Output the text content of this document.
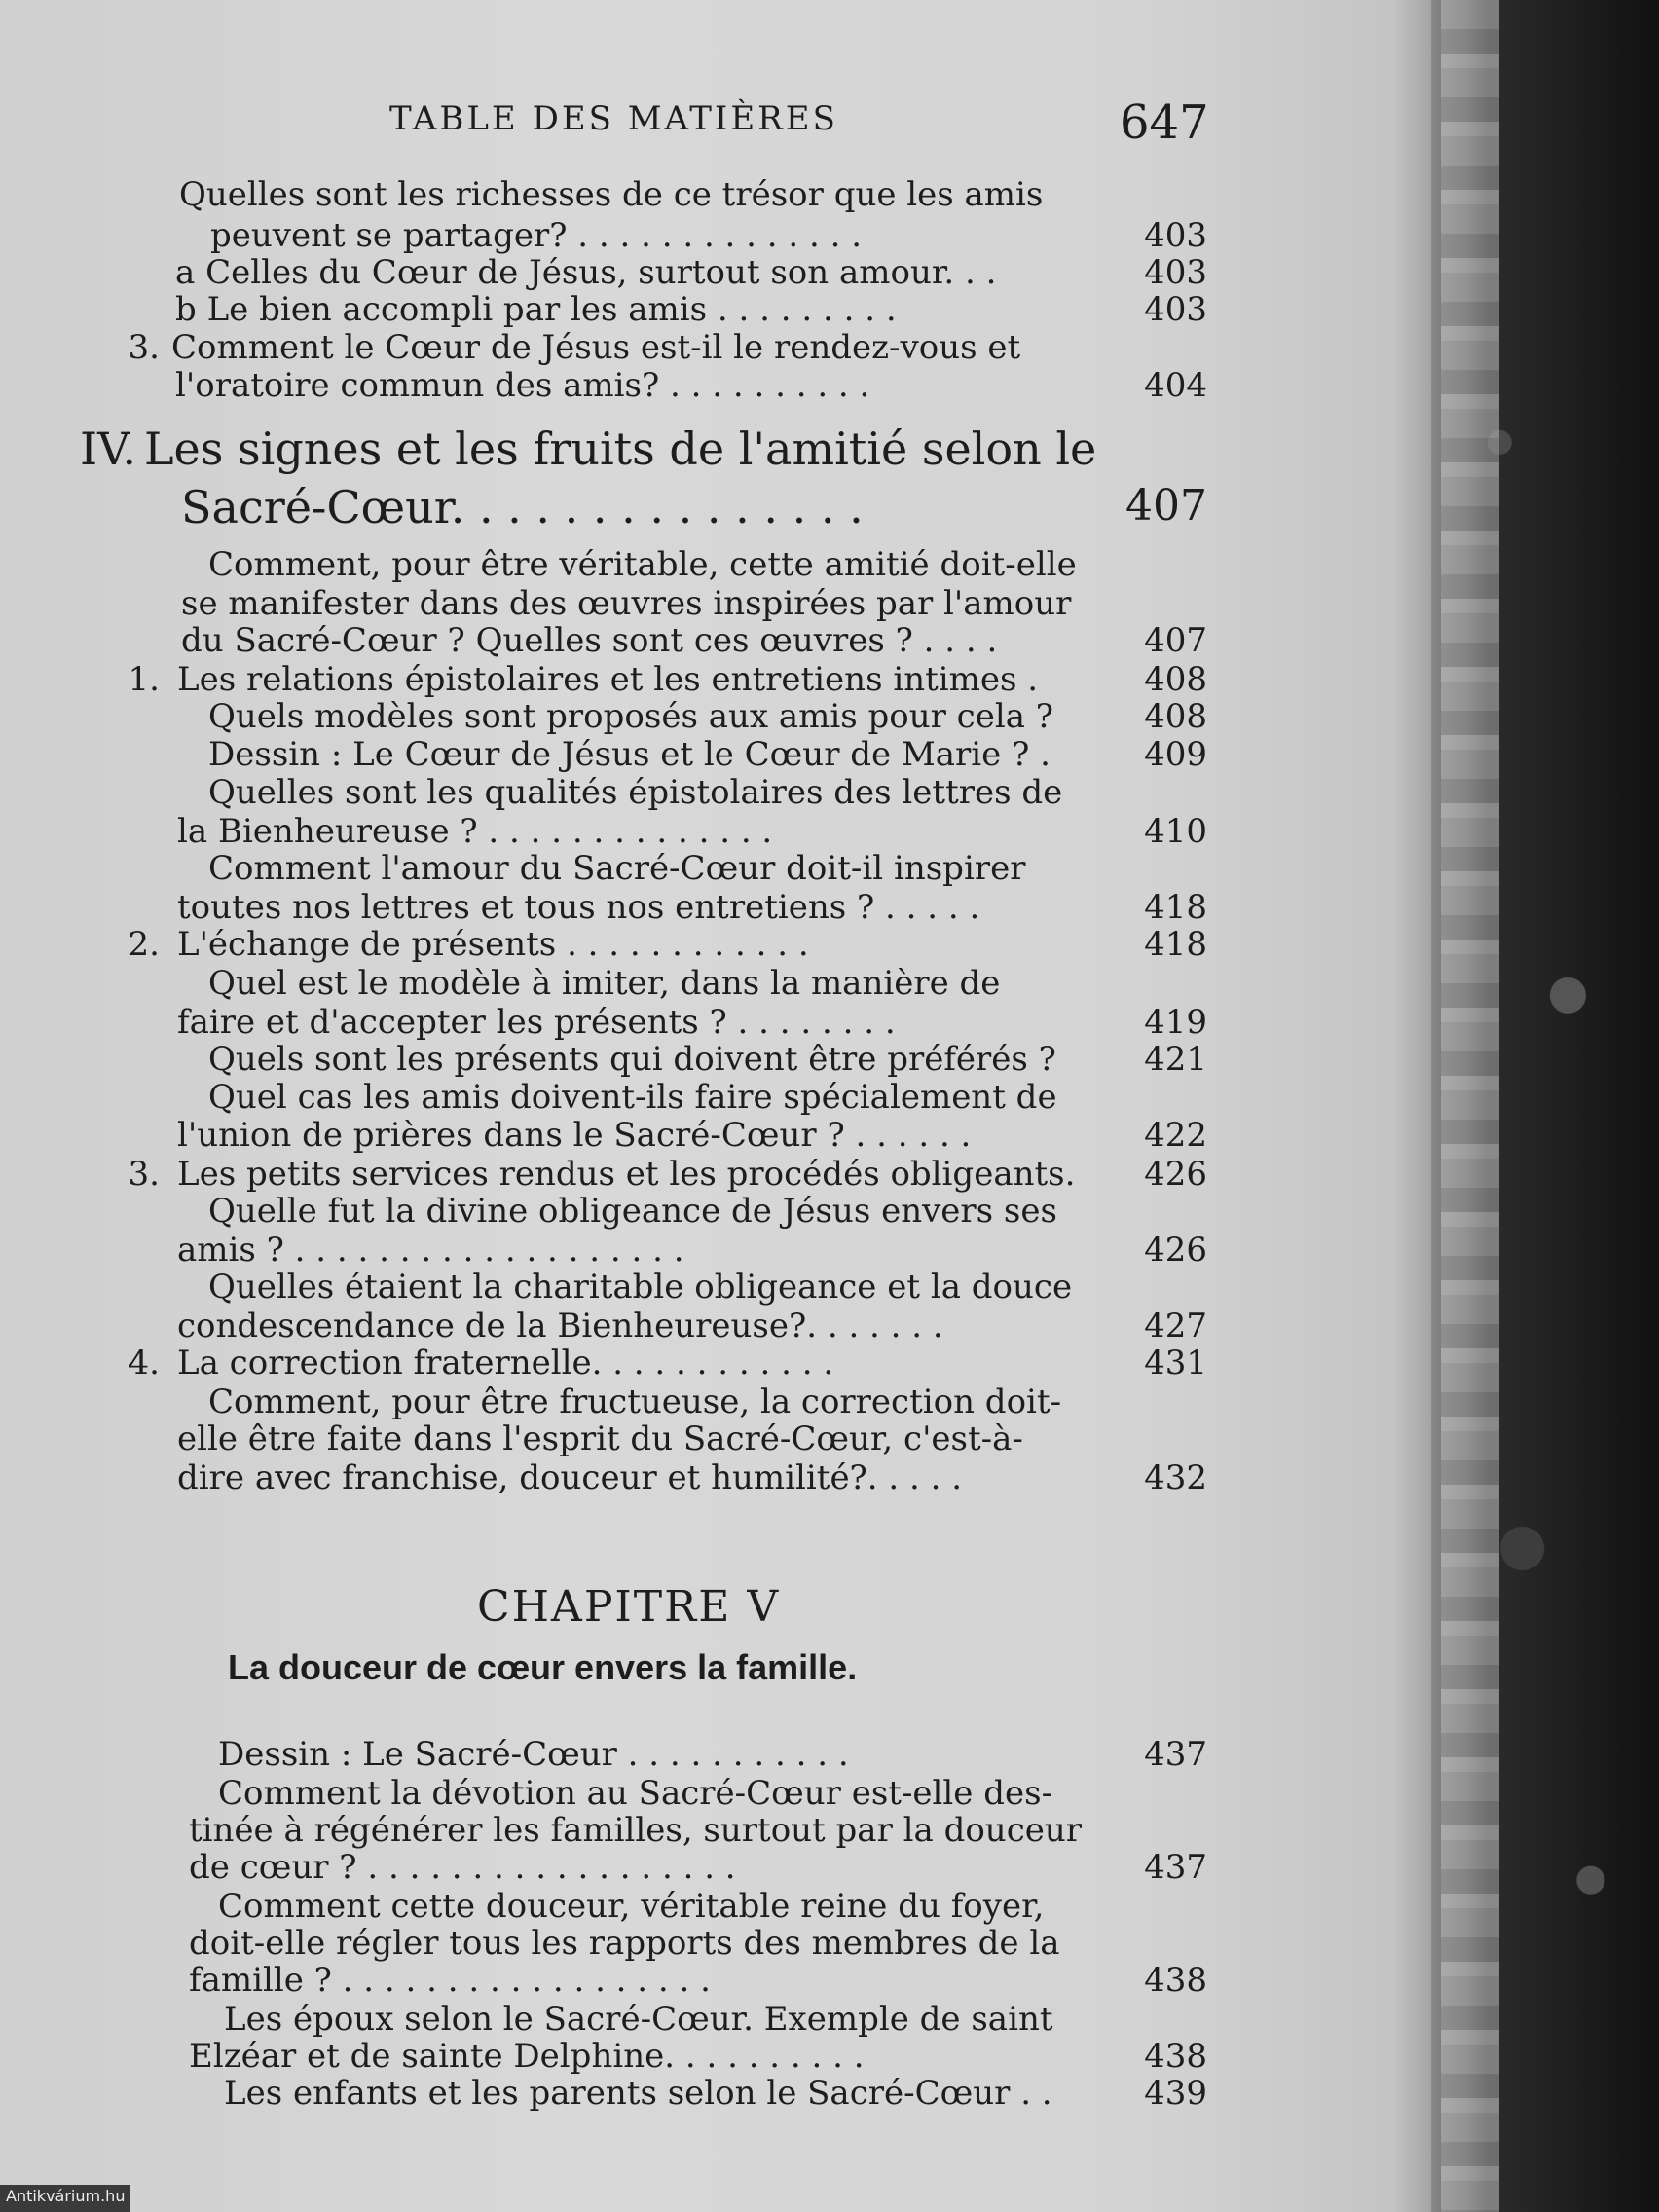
TABLE DES MATIÈRES	647
Quelles sont les richesses de ce trésor que les amis
peuvent se partager? . . . . . . . . . . . . . .	403
a Celles du Cœur de Jésus, surtout son amour. . .	403
b Le bien accompli par les amis . . . . . . . . .	403
3. Comment le Cœur de Jésus est-il le rendez-vous et
l'oratoire commun des amis? . . . . . . . . . .	404
IV. Les signes et les fruits de l'amitié selon le
Sacré-Cœur. . . . . . . . . . . . . . .	407
Comment, pour être véritable, cette amitié doit-elle
se manifester dans des œuvres inspirées par l'amour
du Sacré-Cœur ? Quelles sont ces œuvres ? . . . .	407
1. Les relations épistolaires et les entretiens intimes .	408
Quels modèles sont proposés aux amis pour cela ?	408
Dessin : Le Cœur de Jésus et le Cœur de Marie ? .	409
Quelles sont les qualités épistolaires des lettres de
la Bienheureuse ? . . . . . . . . . . . . . .	410
Comment l'amour du Sacré-Cœur doit-il inspirer
toutes nos lettres et tous nos entretiens ? . . . . .	418
2. L'échange de présents . . . . . . . . . . . .	418
Quel est le modèle à imiter, dans la manière de
faire et d'accepter les présents ? . . . . . . . .	419
Quels sont les présents qui doivent être préférés ?	421
Quel cas les amis doivent-ils faire spécialement de
l'union de prières dans le Sacré-Cœur ? . . . . . .	422
3. Les petits services rendus et les procédés obligeants.	426
Quelle fut la divine obligeance de Jésus envers ses
amis ? . . . . . . . . . . . . . . . . . . .	426
Quelles étaient la charitable obligeance et la douce
condescendance de la Bienheureuse?. . . . . . .	427
4. La correction fraternelle. . . . . . . . . . . .	431
Comment, pour être fructueuse, la correction doit-
elle être faite dans l'esprit du Sacré-Cœur, c'est-à-
dire avec franchise, douceur et humilité?. . . . .	432
CHAPITRE V
La douceur de cœur envers la famille.
Dessin : Le Sacré-Cœur . . . . . . . . . . .	437
Comment la dévotion au Sacré-Cœur est-elle des-
tinée à régénérer les familles, surtout par la douceur
de cœur ? . . . . . . . . . . . . . . . . . .	437
Comment cette douceur, véritable reine du foyer,
doit-elle régler tous les rapports des membres de la
famille ? . . . . . . . . . . . . . . . . . .	438
Les époux selon le Sacré-Cœur. Exemple de saint
Elzéar et de sainte Delphine. . . . . . . . . .	438
Les enfants et les parents selon le Sacré-Cœur . .	439
Antikvárium.hu
